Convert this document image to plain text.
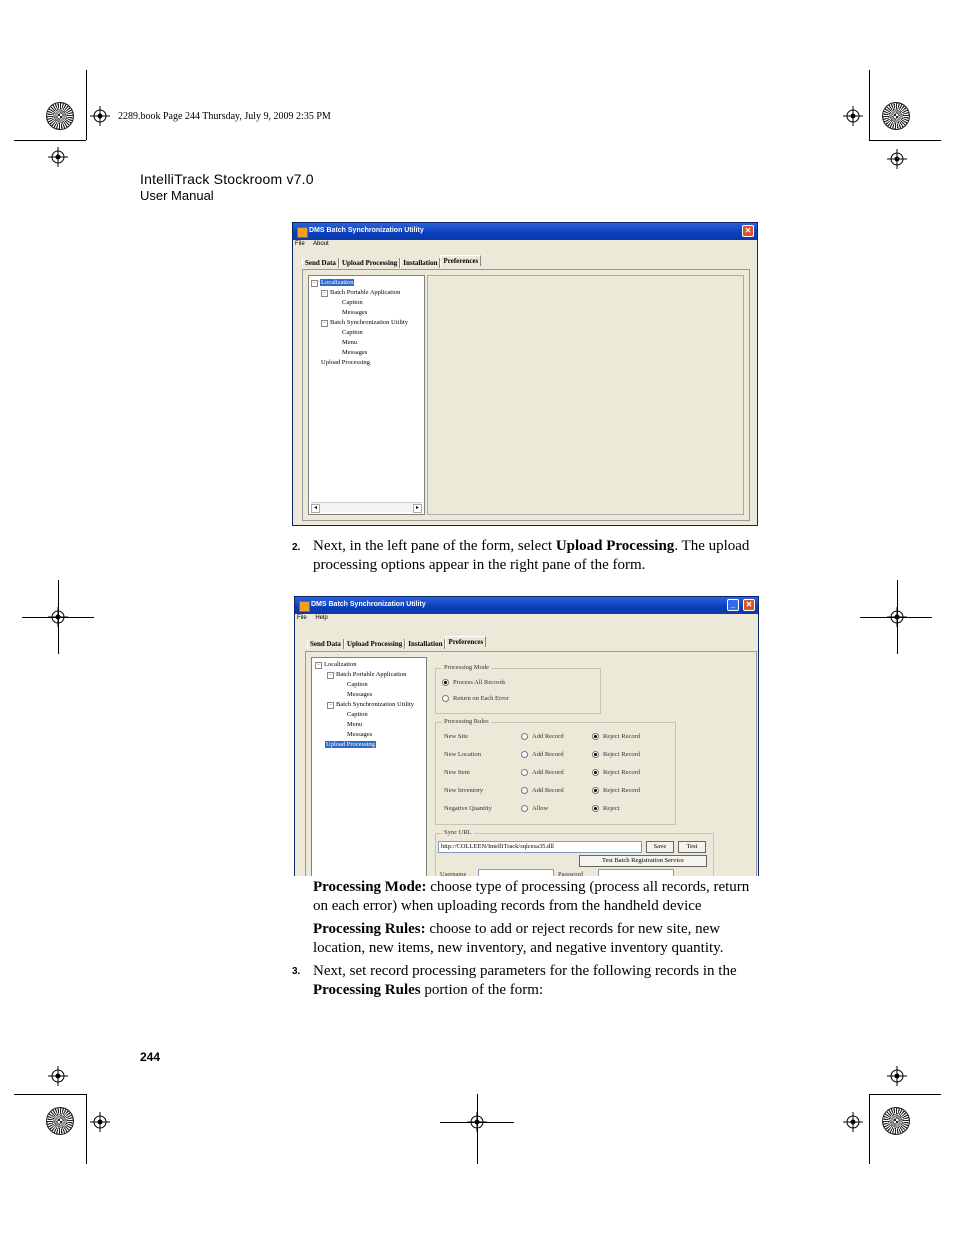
2289.book Page 244 Thursday, July 9, 2009 2:35 PM
IntelliTrack Stockroom v7.0
User Manual
DMS Batch Synchronization Utility	✕
File About
Send Data Upload Processing Installation Preferences
− Localization
− Batch Portable Application
Caption
Messages
− Batch Synchronization Utility
Caption
Menu
Messages
Upload Processing
◂	▸
2. Next, in the left pane of the form, select Upload Processing. The upload processing options appear in the right pane of the form.
DMS Batch Synchronization Utility	_	✕
File Help
Send Data Upload Processing Installation Preferences
− Localization
− Batch Portable Application
Caption
Messages
− Batch Synchronization Utility
Caption
Menu
Messages
Upload Processing
Processing Mode
Process All Records
Return on Each Error
Processing Rules
New Site	Add Record	Reject Record
New Location	Add Record	Reject Record
New Item	Add Record	Reject Record
New Inventory	Add Record	Reject Record
Negative Quantity	Allow	Reject
Sync URL
http://COLLEEN/IntelliTrack/sqlcesa35.dll	Save	Test
Test Batch Registration Service
Username	Password
Processing Mode: choose type of processing (process all records, return on each error) when uploading records from the handheld device
Processing Rules: choose to add or reject records for new site, new location, new items, new inventory, and negative inventory quantity.
3. Next, set record processing parameters for the following records in the Processing Rules portion of the form:
244
